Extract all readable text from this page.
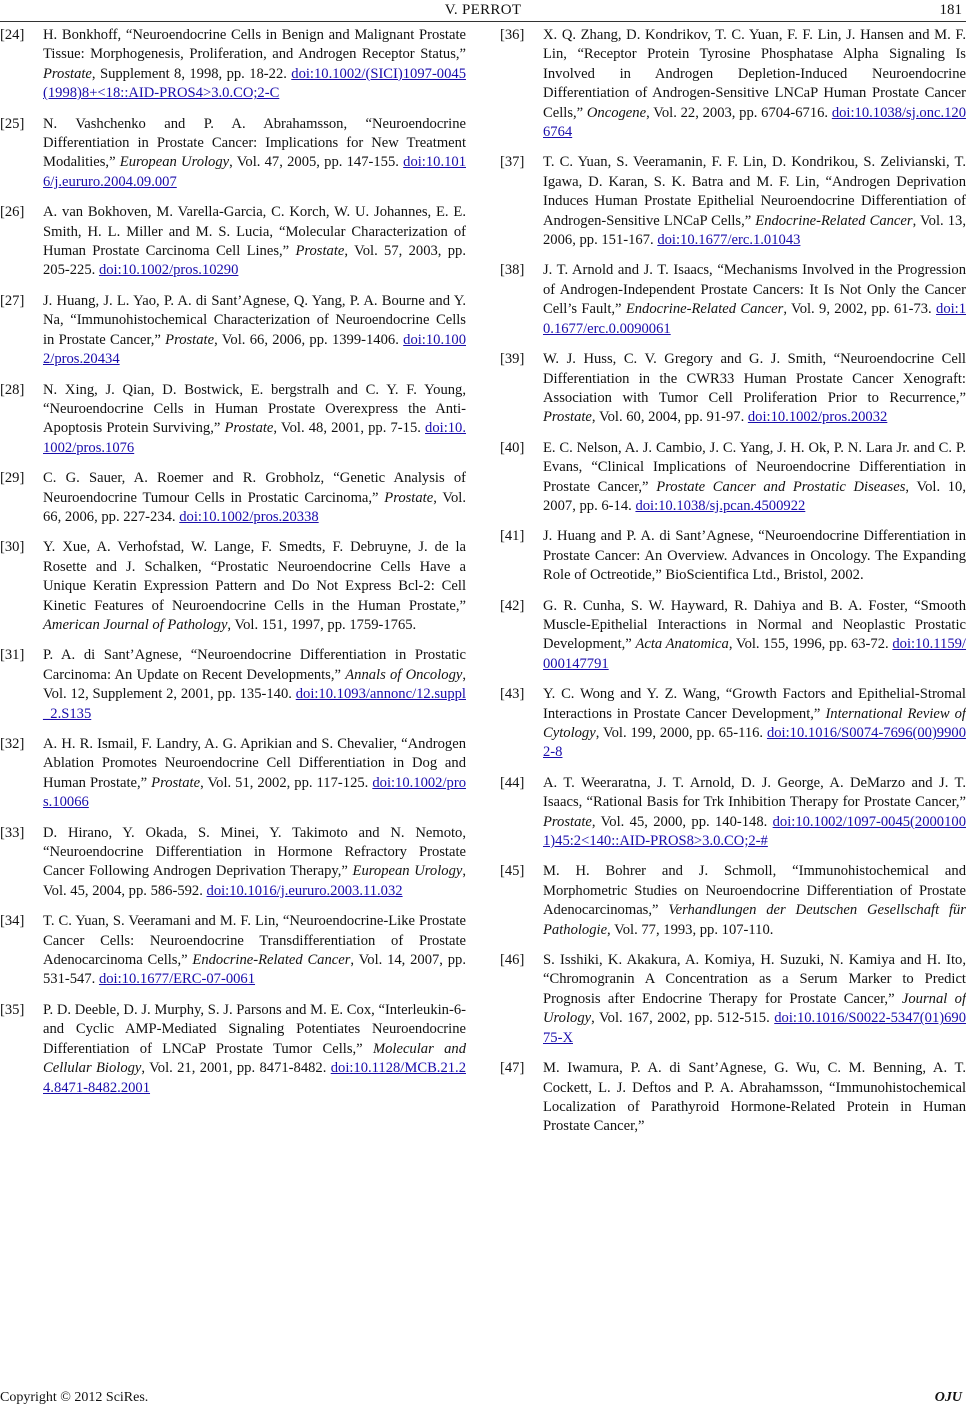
V. PERROT	181
[24] H. Bonkhoff, “Neuroendocrine Cells in Benign and Malignant Prostate Tissue: Morphogenesis, Proliferation, and Androgen Receptor Status,” Prostate, Supplement 8, 1998, pp. 18-22. doi:10.1002/(SICI)1097-0045(1998)8+<18::AID-PROS4>3.0.CO;2-C
[25] N. Vashchenko and P. A. Abrahamsson, “Neuroendocrine Differentiation in Prostate Cancer: Implications for New Treatment Modalities,” European Urology, Vol. 47, 2005, pp. 147-155. doi:10.1016/j.eururo.2004.09.007
[26] A. van Bokhoven, M. Varella-Garcia, C. Korch, W. U. Johannes, E. E. Smith, H. L. Miller and M. S. Lucia, “Molecular Characterization of Human Prostate Carcinoma Cell Lines,” Prostate, Vol. 57, 2003, pp. 205-225. doi:10.1002/pros.10290
[27] J. Huang, J. L. Yao, P. A. di Sant’Agnese, Q. Yang, P. A. Bourne and Y. Na, “Immunohistochemical Characterization of Neuroendocrine Cells in Prostate Cancer,” Prostate, Vol. 66, 2006, pp. 1399-1406. doi:10.1002/pros.20434
[28] N. Xing, J. Qian, D. Bostwick, E. bergstralh and C. Y. F. Young, “Neuroendocrine Cells in Human Prostate Overexpress the Anti-Apoptosis Protein Surviving,” Prostate, Vol. 48, 2001, pp. 7-15. doi:10.1002/pros.1076
[29] C. G. Sauer, A. Roemer and R. Grobholz, “Genetic Analysis of Neuroendocrine Tumour Cells in Prostatic Carcinoma,” Prostate, Vol. 66, 2006, pp. 227-234. doi:10.1002/pros.20338
[30] Y. Xue, A. Verhofstad, W. Lange, F. Smedts, F. Debruyne, J. de la Rosette and J. Schalken, “Prostatic Neuroendocrine Cells Have a Unique Keratin Expression Pattern and Do Not Express Bcl-2: Cell Kinetic Features of Neuroendocrine Cells in the Human Prostate,” American Journal of Pathology, Vol. 151, 1997, pp. 1759-1765.
[31] P. A. di Sant’Agnese, “Neuroendocrine Differentiation in Prostatic Carcinoma: An Update on Recent Developments,” Annals of Oncology, Vol. 12, Supplement 2, 2001, pp. 135-140. doi:10.1093/annonc/12.suppl_2.S135
[32] A. H. R. Ismail, F. Landry, A. G. Aprikian and S. Chevalier, “Androgen Ablation Promotes Neuroendocrine Cell Differentiation in Dog and Human Prostate,” Prostate, Vol. 51, 2002, pp. 117-125. doi:10.1002/pros.10066
[33] D. Hirano, Y. Okada, S. Minei, Y. Takimoto and N. Nemoto, “Neuroendocrine Differentiation in Hormone Refractory Prostate Cancer Following Androgen Deprivation Therapy,” European Urology, Vol. 45, 2004, pp. 586-592. doi:10.1016/j.eururo.2003.11.032
[34] T. C. Yuan, S. Veeramani and M. F. Lin, “Neuroendocrine-Like Prostate Cancer Cells: Neuroendocrine Transdifferentiation of Prostate Adenocarcinoma Cells,” Endocrine-Related Cancer, Vol. 14, 2007, pp. 531-547. doi:10.1677/ERC-07-0061
[35] P. D. Deeble, D. J. Murphy, S. J. Parsons and M. E. Cox, “Interleukin-6- and Cyclic AMP-Mediated Signaling Potentiates Neuroendocrine Differentiation of LNCaP Prostate Tumor Cells,” Molecular and Cellular Biology, Vol. 21, 2001, pp. 8471-8482. doi:10.1128/MCB.21.24.8471-8482.2001
[36] X. Q. Zhang, D. Kondrikov, T. C. Yuan, F. F. Lin, J. Hansen and M. F. Lin, “Receptor Protein Tyrosine Phosphatase Alpha Signaling Is Involved in Androgen Depletion-Induced Neuroendocrine Differentiation of Androgen-Sensitive LNCaP Human Prostate Cancer Cells,” Oncogene, Vol. 22, 2003, pp. 6704-6716. doi:10.1038/sj.onc.1206764
[37] T. C. Yuan, S. Veeramanin, F. F. Lin, D. Kondrikou, S. Zelivianski, T. Igawa, D. Karan, S. K. Batra and M. F. Lin, “Androgen Deprivation Induces Human Prostate Epithelial Neuroendocrine Differentiation of Androgen-Sensitive LNCaP Cells,” Endocrine-Related Cancer, Vol. 13, 2006, pp. 151-167. doi:10.1677/erc.1.01043
[38] J. T. Arnold and J. T. Isaacs, “Mechanisms Involved in the Progression of Androgen-Independent Prostate Cancers: It Is Not Only the Cancer Cell’s Fault,” Endocrine-Related Cancer, Vol. 9, 2002, pp. 61-73. doi:10.1677/erc.0.0090061
[39] W. J. Huss, C. V. Gregory and G. J. Smith, “Neuroendocrine Cell Differentiation in the CWR33 Human Prostate Cancer Xenograft: Association with Tumor Cell Proliferation Prior to Recurrence,” Prostate, Vol. 60, 2004, pp. 91-97. doi:10.1002/pros.20032
[40] E. C. Nelson, A. J. Cambio, J. C. Yang, J. H. Ok, P. N. Lara Jr. and C. P. Evans, “Clinical Implications of Neuroendocrine Differentiation in Prostate Cancer,” Prostate Cancer and Prostatic Diseases, Vol. 10, 2007, pp. 6-14. doi:10.1038/sj.pcan.4500922
[41] J. Huang and P. A. di Sant’Agnese, “Neuroendocrine Differentiation in Prostate Cancer: An Overview. Advances in Oncology. The Expanding Role of Octreotide,” BioScientifica Ltd., Bristol, 2002.
[42] G. R. Cunha, S. W. Hayward, R. Dahiya and B. A. Foster, “Smooth Muscle-Epithelial Interactions in Normal and Neoplastic Prostatic Development,” Acta Anatomica, Vol. 155, 1996, pp. 63-72. doi:10.1159/000147791
[43] Y. C. Wong and Y. Z. Wang, “Growth Factors and Epithelial-Stromal Interactions in Prostate Cancer Development,” International Review of Cytology, Vol. 199, 2000, pp. 65-116. doi:10.1016/S0074-7696(00)99002-8
[44] A. T. Weeraratna, J. T. Arnold, D. J. George, A. DeMarzo and J. T. Isaacs, “Rational Basis for Trk Inhibition Therapy for Prostate Cancer,” Prostate, Vol. 45, 2000, pp. 140-148. doi:10.1002/1097-0045(20001001)45:2<140::AID-PROS8>3.0.CO;2-#
[45] M. H. Bohrer and J. Schmoll, “Immunohistochemical and Morphometric Studies on Neuroendocrine Differentiation of Prostate Adenocarcinomas,” Verhandlungen der Deutschen Gesellschaft für Pathologie, Vol. 77, 1993, pp. 107-110.
[46] S. Isshiki, K. Akakura, A. Komiya, H. Suzuki, N. Kamiya and H. Ito, “Chromogranin A Concentration as a Serum Marker to Predict Prognosis after Endocrine Therapy for Prostate Cancer,” Journal of Urology, Vol. 167, 2002, pp. 512-515. doi:10.1016/S0022-5347(01)69075-X
[47] M. Iwamura, P. A. di Sant’Agnese, G. Wu, C. M. Benning, A. T. Cockett, L. J. Deftos and P. A. Abrahamsson, “Immunohistochemical Localization of Parathyroid Hormone-Related Protein in Human Prostate Cancer,”
Copyright © 2012 SciRes.	OJU
